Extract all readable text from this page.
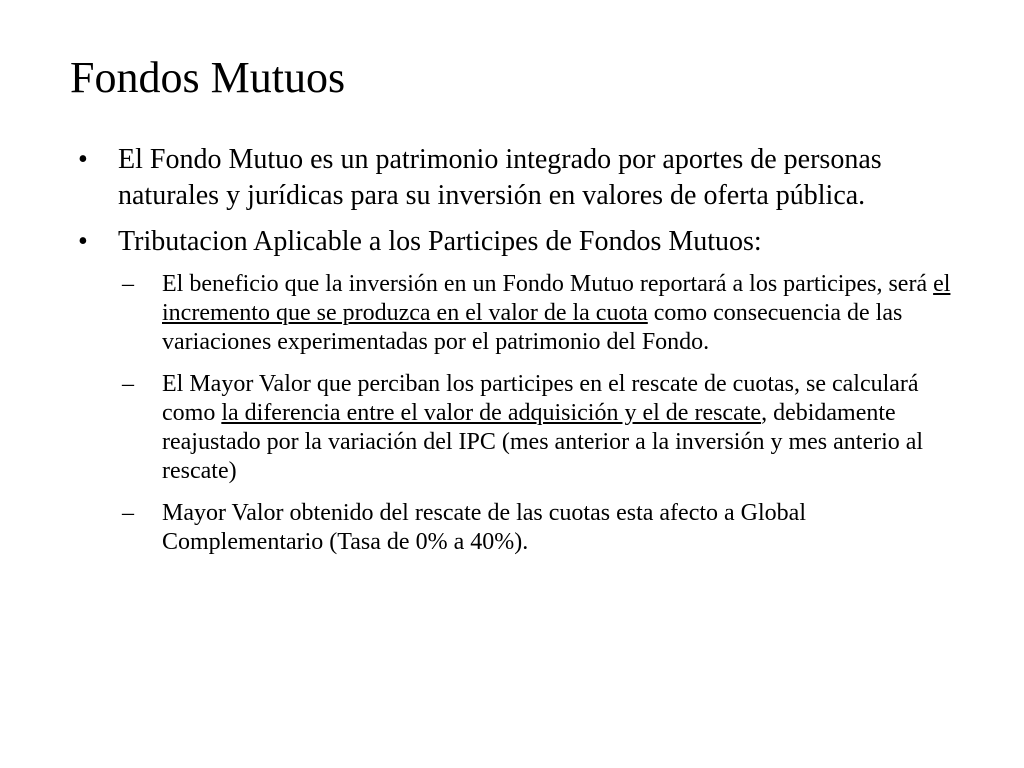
Fondos Mutuos
• El Fondo Mutuo es un patrimonio integrado por aportes de personas naturales y jurídicas para su inversión en valores de oferta pública.
• Tributacion Aplicable a los Participes de Fondos Mutuos:
– El beneficio que la inversión en un Fondo Mutuo reportará a los participes, será el incremento que se produzca en el valor de la cuota como consecuencia de las variaciones experimentadas por el patrimonio del Fondo.
– El Mayor Valor que perciban los participes en el rescate de cuotas, se calculará como la diferencia entre el valor de adquisición y el de rescate, debidamente reajustado por la variación del IPC (mes anterior a la inversión y mes anterio al rescate)
– Mayor Valor obtenido del rescate de las cuotas esta afecto a Global Complementario (Tasa de 0% a 40%).
